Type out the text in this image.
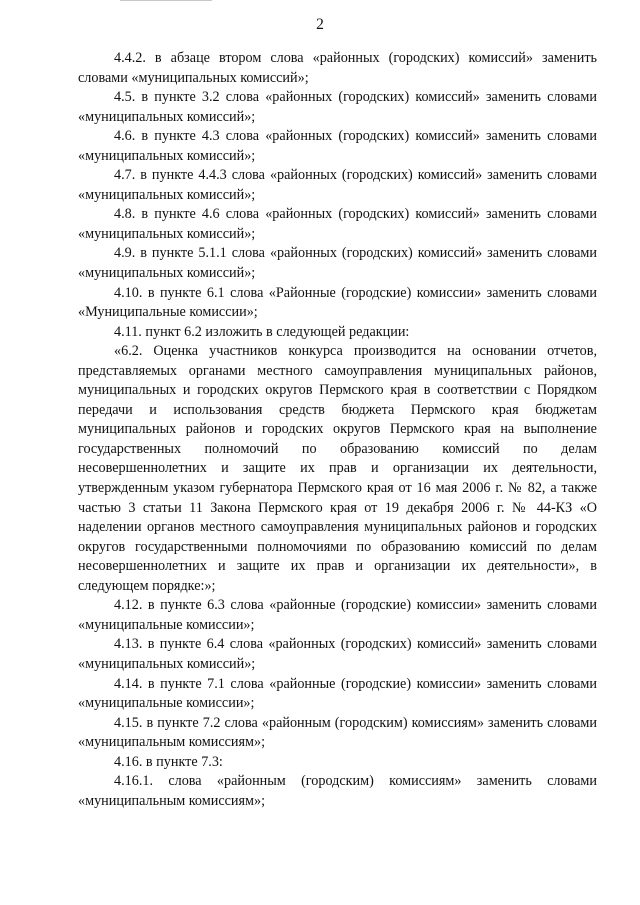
2

4.4.2. в абзаце втором слова «районных (городских) комиссий» заменить словами «муниципальных комиссий»;

4.5. в пункте 3.2 слова «районных (городских) комиссий» заменить словами «муниципальных комиссий»;

4.6. в пункте 4.3 слова «районных (городских) комиссий» заменить словами «муниципальных комиссий»;

4.7. в пункте 4.4.3 слова «районных (городских) комиссий» заменить словами «муниципальных комиссий»;

4.8. в пункте 4.6 слова «районных (городских) комиссий» заменить словами «муниципальных комиссий»;

4.9. в пункте 5.1.1 слова «районных (городских) комиссий» заменить словами «муниципальных комиссий»;

4.10. в пункте 6.1 слова «Районные (городские) комиссии» заменить словами «Муниципальные комиссии»;

4.11. пункт 6.2 изложить в следующей редакции:

«6.2. Оценка участников конкурса производится на основании отчетов, представляемых органами местного самоуправления муниципальных районов, муниципальных и городских округов Пермского края в соответствии с Порядком передачи и использования средств бюджета Пермского края бюджетам муниципальных районов и городских округов Пермского края на выполнение государственных полномочий по образованию комиссий по делам несовершеннолетних и защите их прав и организации их деятельности, утвержденным указом губернатора Пермского края от 16 мая 2006 г. № 82, а также частью 3 статьи 11 Закона Пермского края от 19 декабря 2006 г. № 44-КЗ «О наделении органов местного самоуправления муниципальных районов и городских округов государственными полномочиями по образованию комиссий по делам несовершеннолетних и защите их прав и организации их деятельности», в следующем порядке:»;

4.12. в пункте 6.3 слова «районные (городские) комиссии» заменить словами «муниципальные комиссии»;

4.13. в пункте 6.4 слова «районных (городских) комиссий» заменить словами «муниципальных комиссий»;

4.14. в пункте 7.1 слова «районные (городские) комиссии» заменить словами «муниципальные комиссии»;

4.15. в пункте 7.2 слова «районным (городским) комиссиям» заменить словами «муниципальным комиссиям»;

4.16. в пункте 7.3:

4.16.1. слова «районным (городским) комиссиям» заменить словами «муниципальным комиссиям»;
